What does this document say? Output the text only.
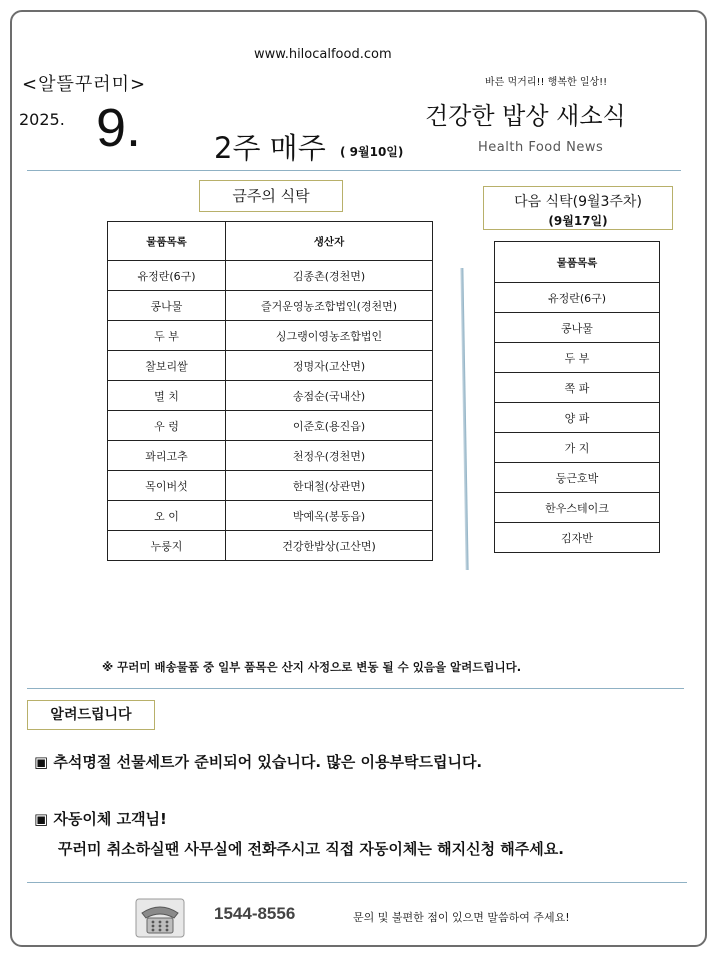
www.hilocalfood.com
<알뜰꾸러미>	바른 먹거리!! 행복한 일상!!
2025. 9.	건강한 밥상 새소식
2주 매주 ( 9월10일)	Health Food News
금주의 식탁
물품목록	생산자
유정란(6구)	김종촌(경천면)
콩나물	즐거운영농조합법인(경천면)
두 부	싱그랭이영농조합법인
찰보리쌀	정명자(고산면)
멸 치	송점순(국내산)
우 렁	이준호(용진읍)
꽈리고추	천정우(경천면)
목이버섯	한대철(상관면)
오 이	박예옥(봉동읍)
누룽지	건강한밥상(고산면)
다음 식탁(9월3주차)
(9월17일)
물품목록
유정란(6구)
콩나물
두 부
쪽 파
양 파
가 지
둥근호박
한우스테이크
김자반
※ 꾸러미 배송물품 중 일부 품목은 산지 사정으로 변동 될 수 있음을 알려드립니다.
알려드립니다
▣ 추석명절 선물세트가 준비되어 있습니다. 많은 이용부탁드립니다.
▣ 자동이체 고객님!
꾸러미 취소하실땐 사무실에 전화주시고 직접 자동이체는 해지신청 해주세요.
1544-8556	문의 및 불편한 점이 있으면 말씀하여 주세요!
